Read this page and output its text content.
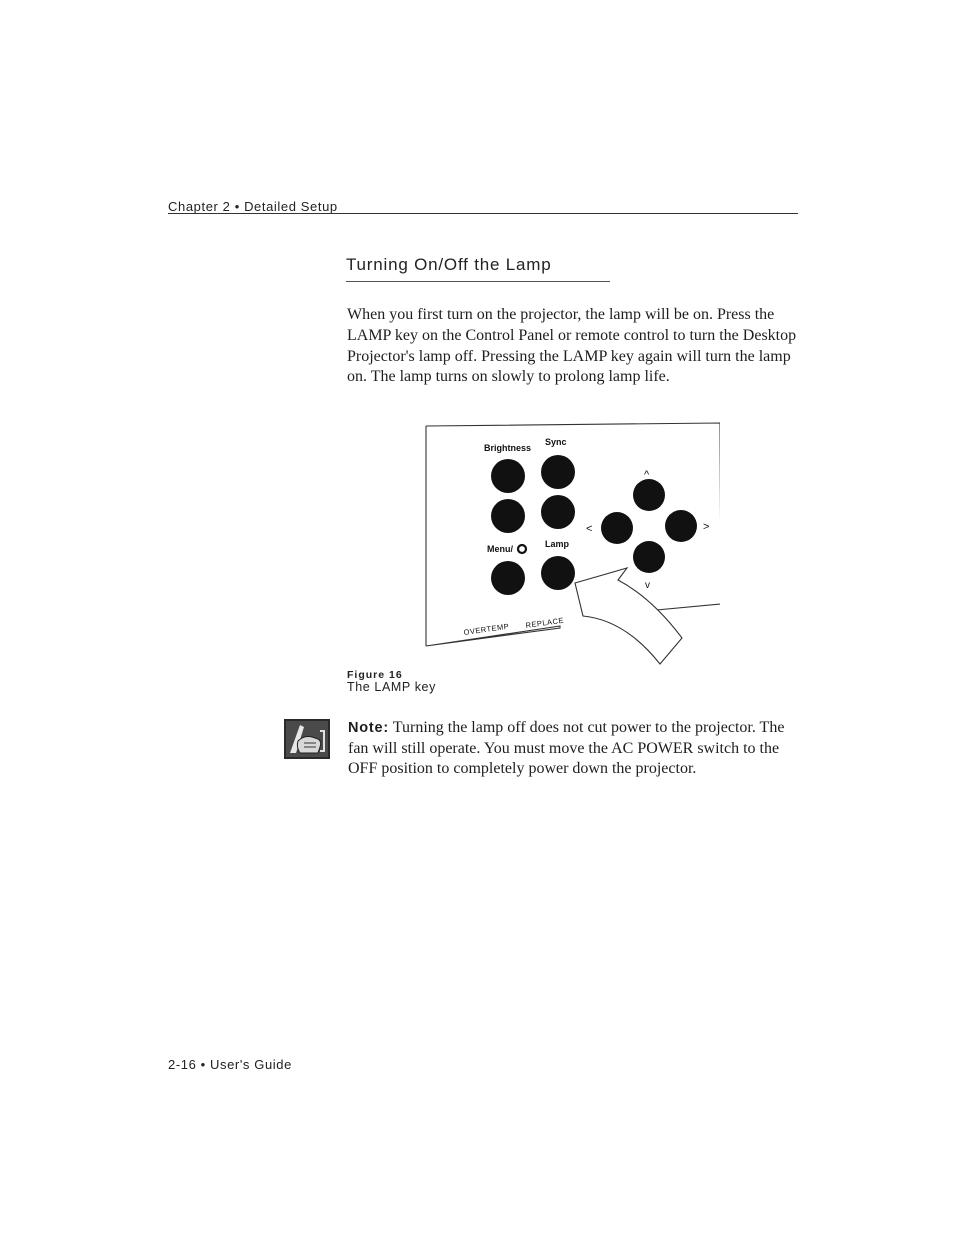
Chapter 2 • Detailed Setup
Turning On/Off the Lamp
When you first turn on the projector, the lamp will be on. Press the LAMP key on the Control Panel or remote control to turn the Desktop Projector's lamp off. Pressing the LAMP key again will turn the lamp on. The lamp turns on slowly to prolong lamp life.
Brightness
Sync
Menu/	Lamp
^
<	>
v
OVERTEMP REPLACE
Figure 16
The LAMP key
Note: Turning the lamp off does not cut power to the projector. The fan will still operate. You must move the AC POWER switch to the OFF position to completely power down the projector.
2-16 • User's Guide
